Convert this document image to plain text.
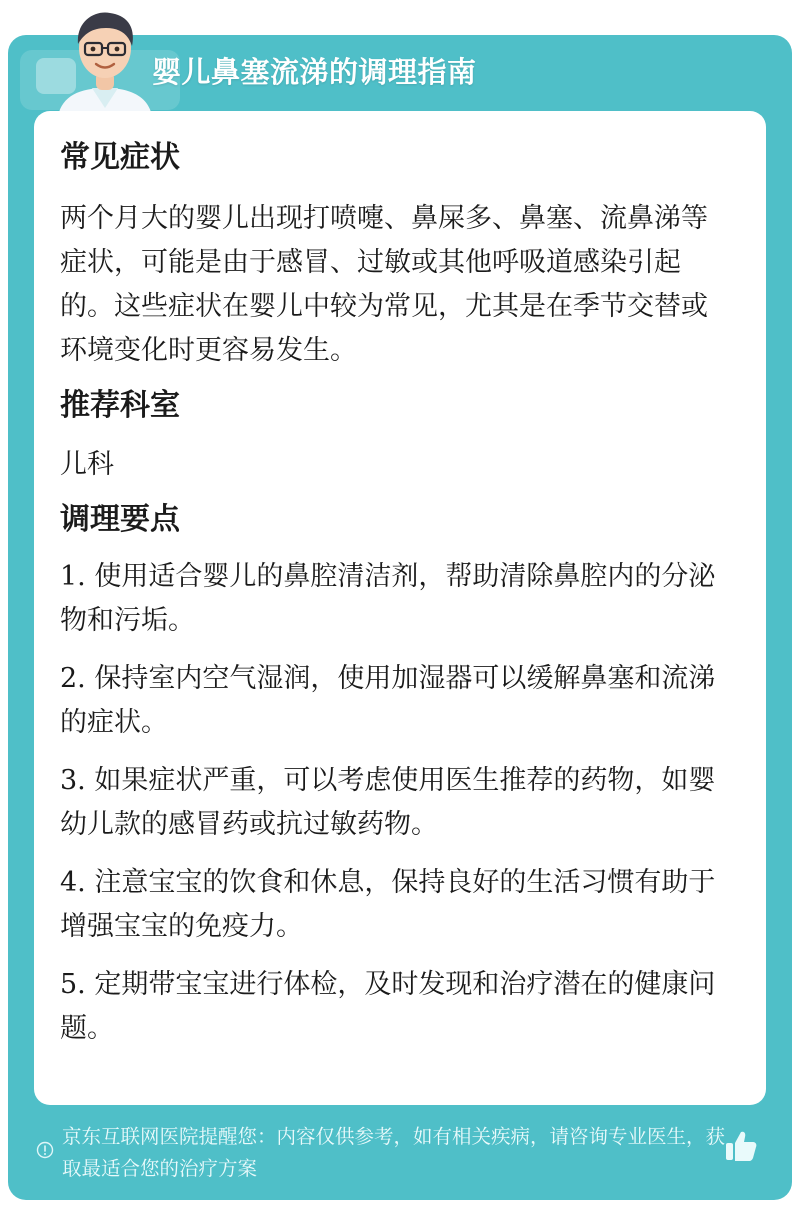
婴儿鼻塞流涕的调理指南
常见症状

两个月大的婴儿出现打喷嚏、鼻屎多、鼻塞、流鼻涕等症状，可能是由于感冒、过敏或其他呼吸道感染引起的。这些症状在婴儿中较为常见，尤其是在季节交替或环境变化时更容易发生。

推荐科室

儿科

调理要点

1. 使用适合婴儿的鼻腔清洁剂，帮助清除鼻腔内的分泌物和污垢。

2. 保持室内空气湿润，使用加湿器可以缓解鼻塞和流涕的症状。

3. 如果症状严重，可以考虑使用医生推荐的药物，如婴幼儿款的感冒药或抗过敏药物。

4. 注意宝宝的饮食和休息，保持良好的生活习惯有助于增强宝宝的免疫力。

5. 定期带宝宝进行体检，及时发现和治疗潜在的健康问题。

京东互联网医院提醒您：内容仅供参考，如有相关疾病，请咨询专业医生，获取最适合您的治疗方案
